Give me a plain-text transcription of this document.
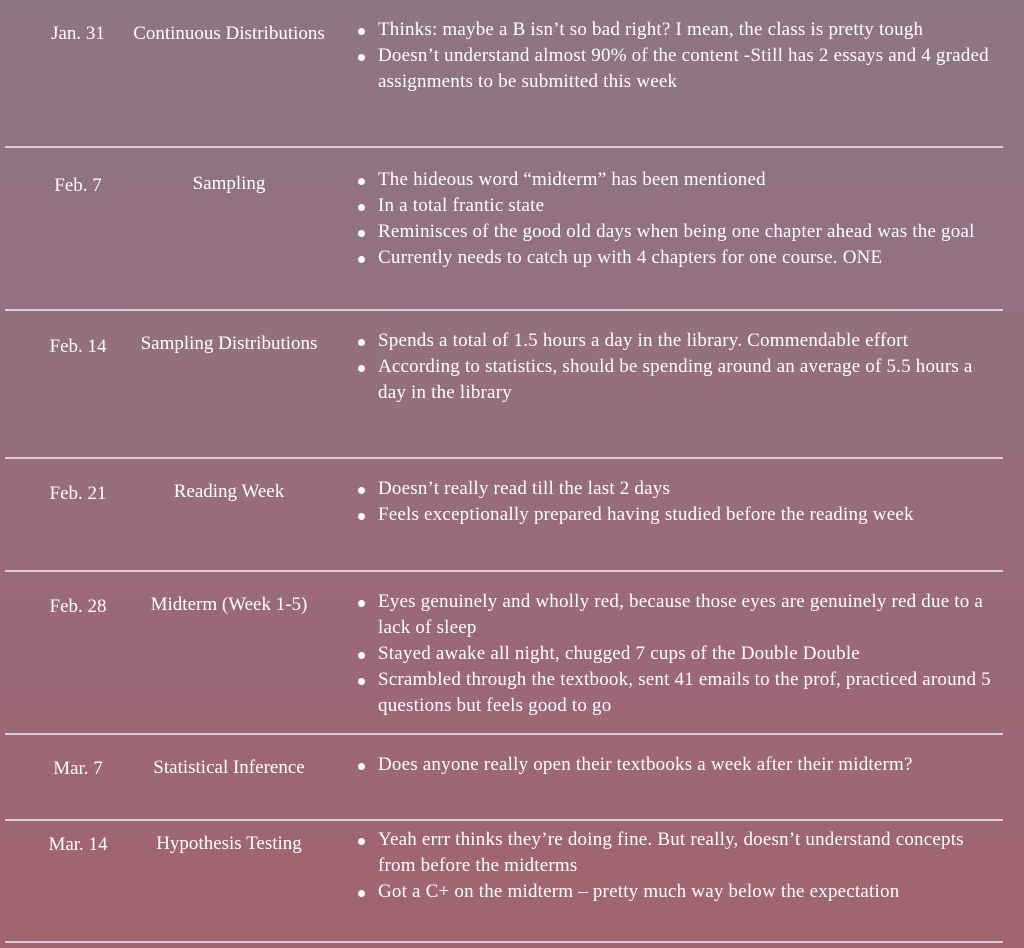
Jan. 31	Continuous Distributions	Thinks: maybe a B isn’t so bad right? I mean, the class is pretty tough
Doesn’t understand almost 90% of the content -Still has 2 essays and 4 graded assignments to be submitted this week
Feb. 7	Sampling	The hideous word “midterm” has been mentioned
In a total frantic state
Reminisces of the good old days when being one chapter ahead was the goal
Currently needs to catch up with 4 chapters for one course. ONE
Feb. 14	Sampling Distributions	Spends a total of 1.5 hours a day in the library. Commendable effort
According to statistics, should be spending around an average of 5.5 hours a day in the library
Feb. 21	Reading Week	Doesn’t really read till the last 2 days
Feels exceptionally prepared having studied before the reading week
Feb. 28	Midterm (Week 1-5)	Eyes genuinely and wholly red, because those eyes are genuinely red due to a lack of sleep
Stayed awake all night, chugged 7 cups of the Double Double
Scrambled through the textbook, sent 41 emails to the prof, practiced around 5 questions but feels good to go
Mar. 7	Statistical Inference	Does anyone really open their textbooks a week after their midterm?
Mar. 14	Hypothesis Testing	Yeah errr thinks they’re doing fine. But really, doesn’t understand concepts from before the midterms
Got a C+ on the midterm – pretty much way below the expectation
